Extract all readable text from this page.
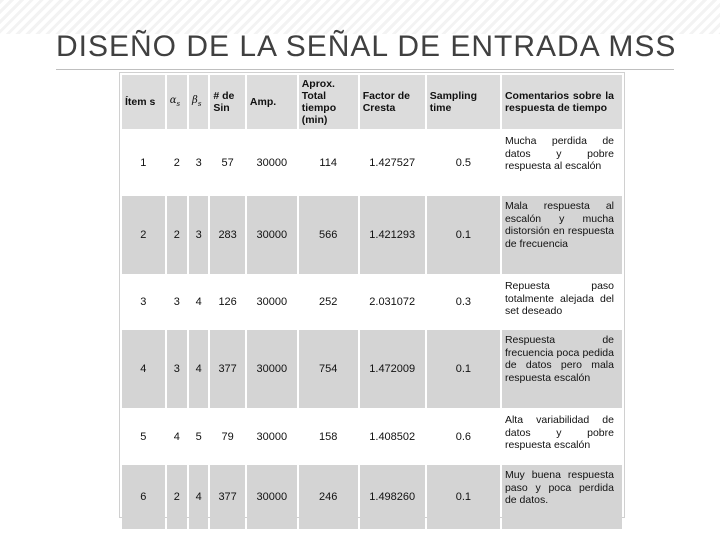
DISEÑO DE LA SEÑAL DE ENTRADA MSS
Ítem s	$\alpha_s$	$\beta_s$	# de Sin	Amp.	Aprox. Total tiempo (min)	Factor de Cresta	Sampling time	Comentarios sobre la respuesta de tiempo
1	2	3	57	30000	114	1.427527	0.5	Mucha perdida de datos y pobre respuesta al escalón
2	2	3	283	30000	566	1.421293	0.1	Mala respuesta al escalón y mucha distorsión en respuesta de frecuencia
3	3	4	126	30000	252	2.031072	0.3	Repuesta paso totalmente alejada del set deseado
4	3	4	377	30000	754	1.472009	0.1	Respuesta de frecuencia poca pedida de datos pero mala respuesta escalón
5	4	5	79	30000	158	1.408502	0.6	Alta variabilidad de datos y pobre respuesta escalón
6	2	4	377	30000	246	1.498260	0.1	Muy buena respuesta paso y poca perdida de datos.
